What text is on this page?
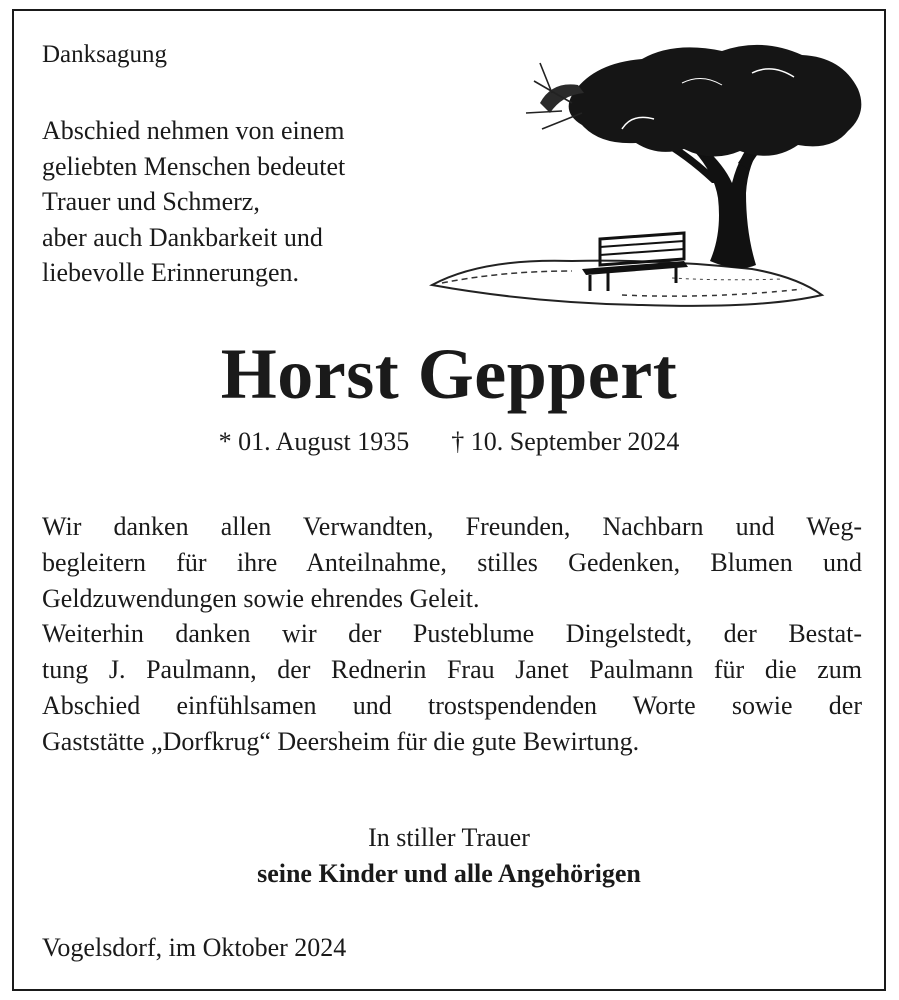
Danksagung
Abschied nehmen von einem
geliebten Menschen bedeutet
Trauer und Schmerz,
aber auch Dankbarkeit und
liebevolle Erinnerungen.
Horst Geppert
* 01. August 1935 † 10. September 2024
Wir danken allen Verwandten, Freunden, Nachbarn und Weg-
begleitern für ihre Anteilnahme, stilles Gedenken, Blumen und
Geldzuwendungen sowie ehrendes Geleit.
Weiterhin danken wir der Pusteblume Dingelstedt, der Bestat-
tung J. Paulmann, der Rednerin Frau Janet Paulmann für die zum
Abschied einfühlsamen und trostspendenden Worte sowie der
Gaststätte „Dorfkrug“ Deersheim für die gute Bewirtung.
In stiller Trauer
seine Kinder und alle Angehörigen
Vogelsdorf, im Oktober 2024
